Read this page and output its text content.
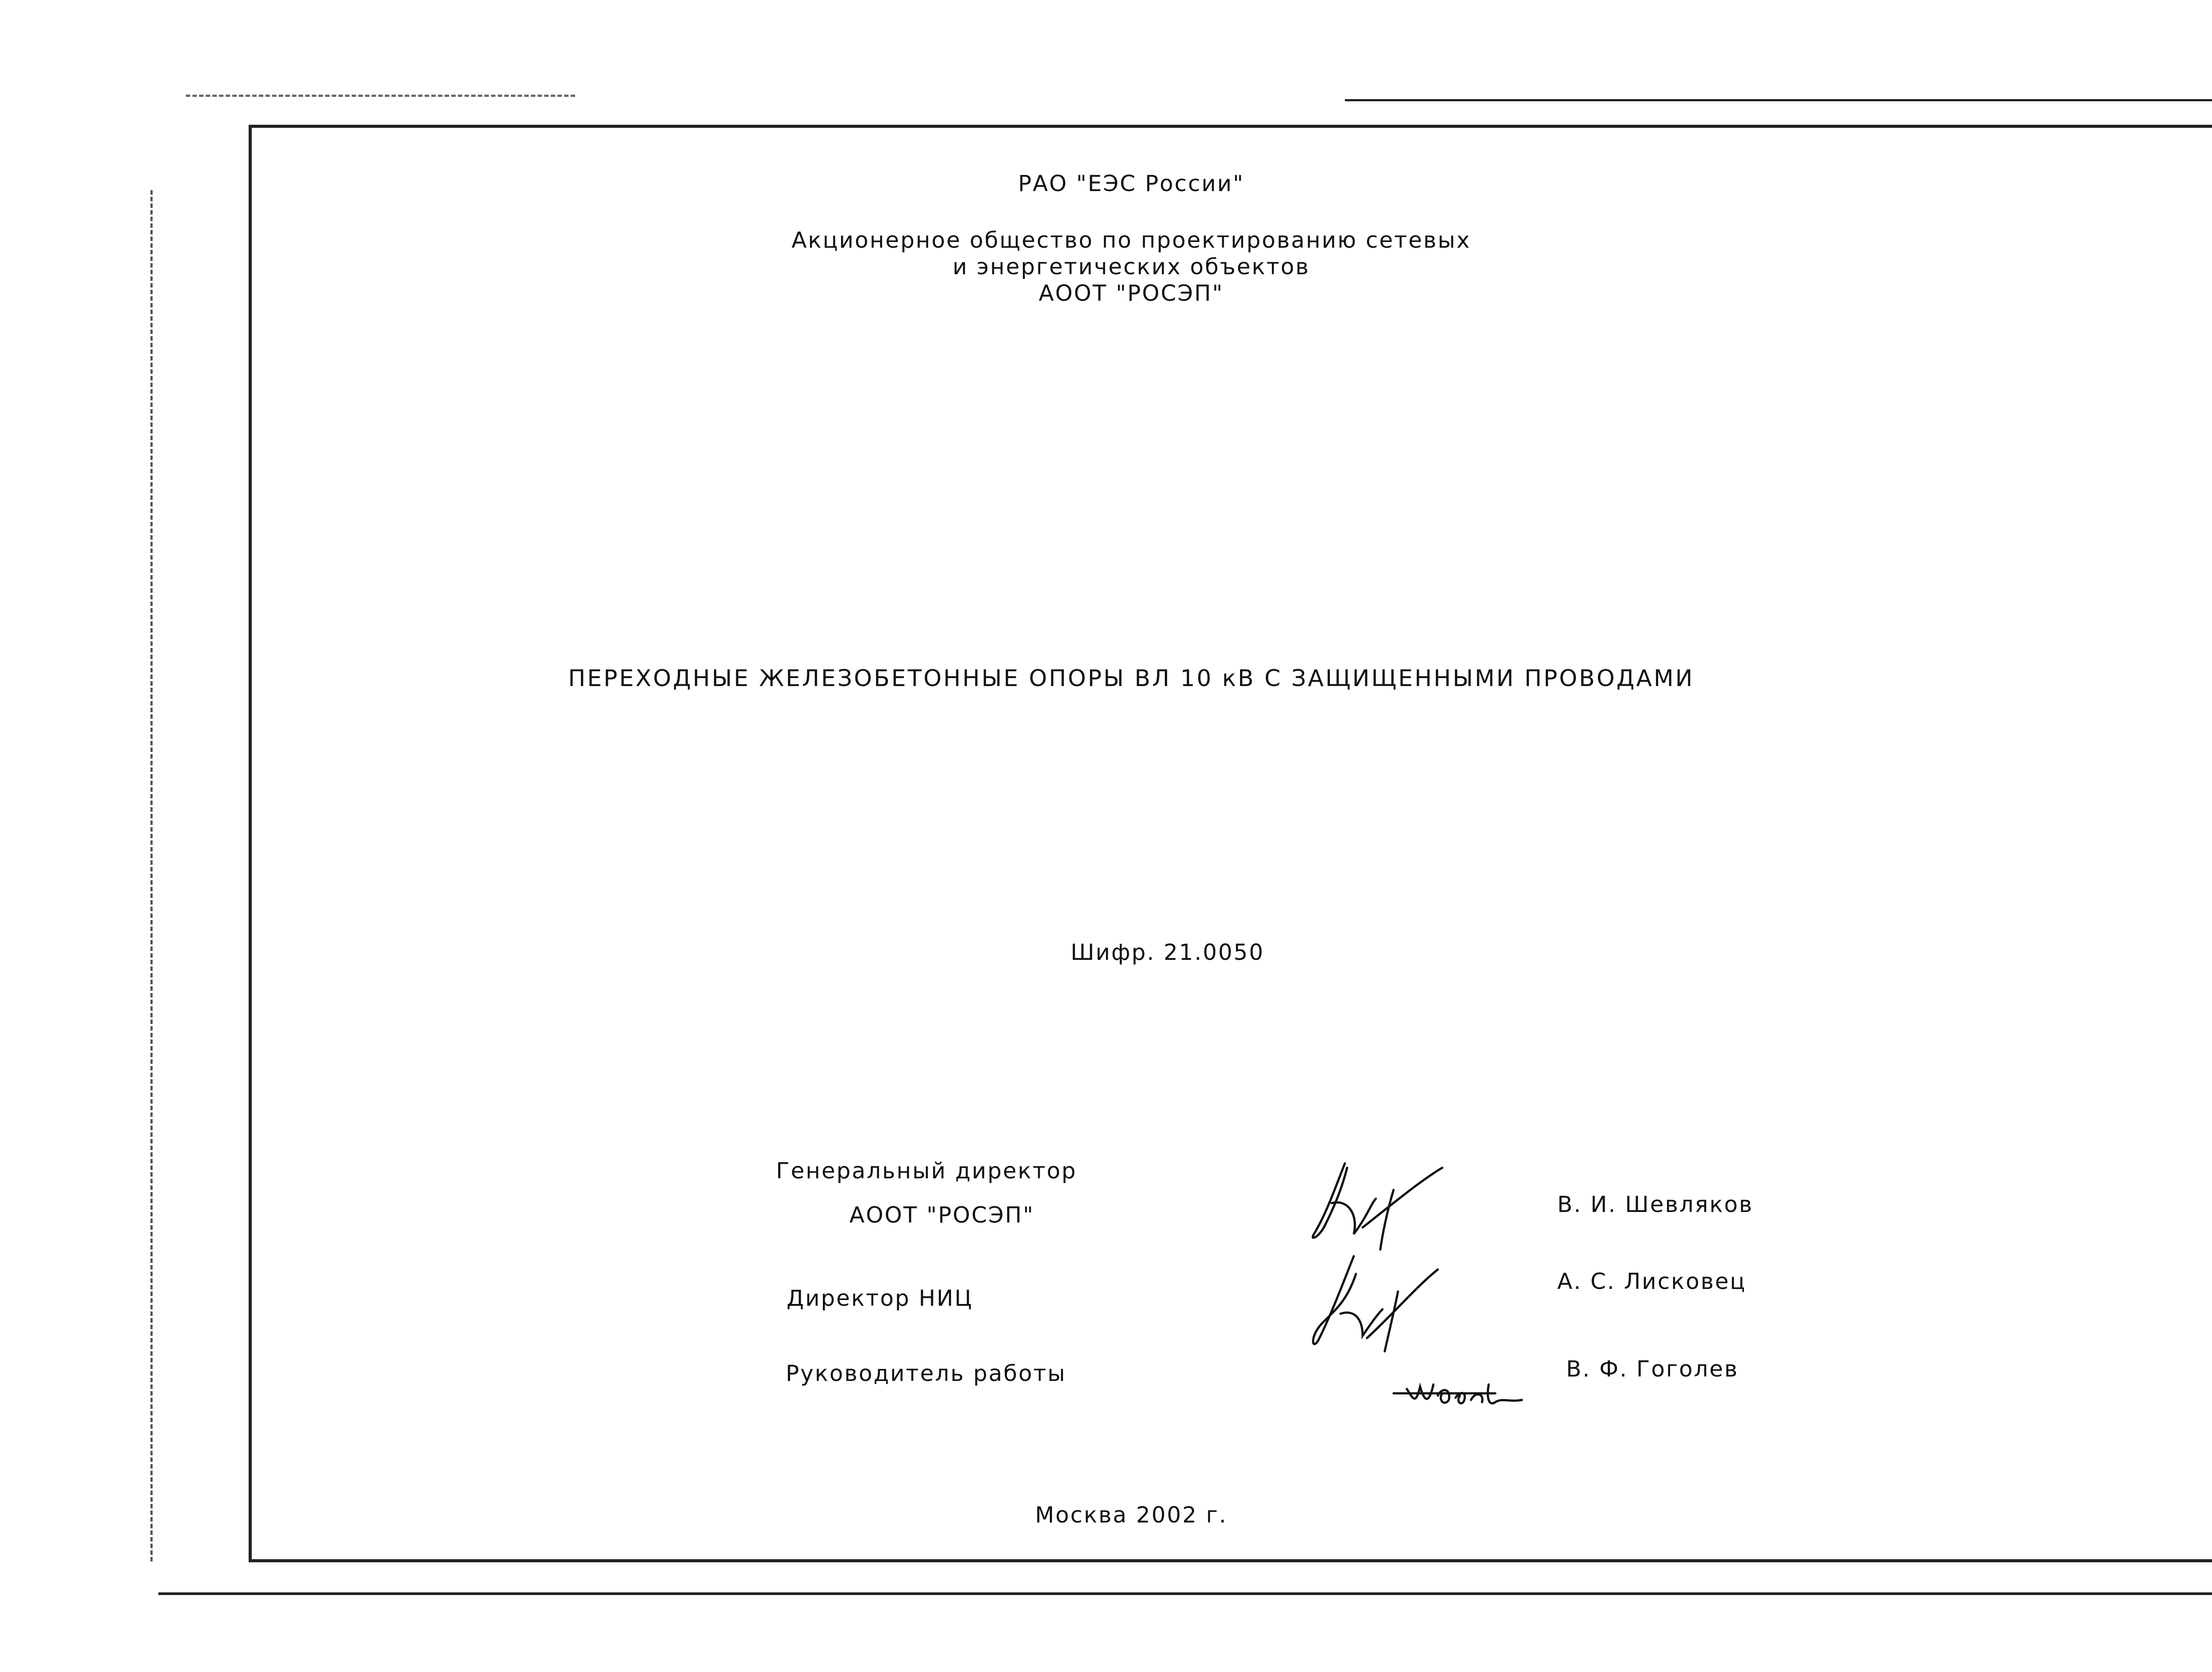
РАО "ЕЭС России"
Акционерное общество по проектированию сетевых
и энергетических объектов
АООТ "РОСЭП"
ПЕРЕХОДНЫЕ ЖЕЛЕЗОБЕТОННЫЕ ОПОРЫ ВЛ 10 кВ С ЗАЩИЩЕННЫМИ ПРОВОДАМИ
Шифр. 21.0050
Генеральный директор
АООТ "РОСЭП"	В. И. Шевляков
Директор НИЦ
А. С. Лисковец
Руководитель работы	В. Ф. Гоголев
Москва 2002 г.
